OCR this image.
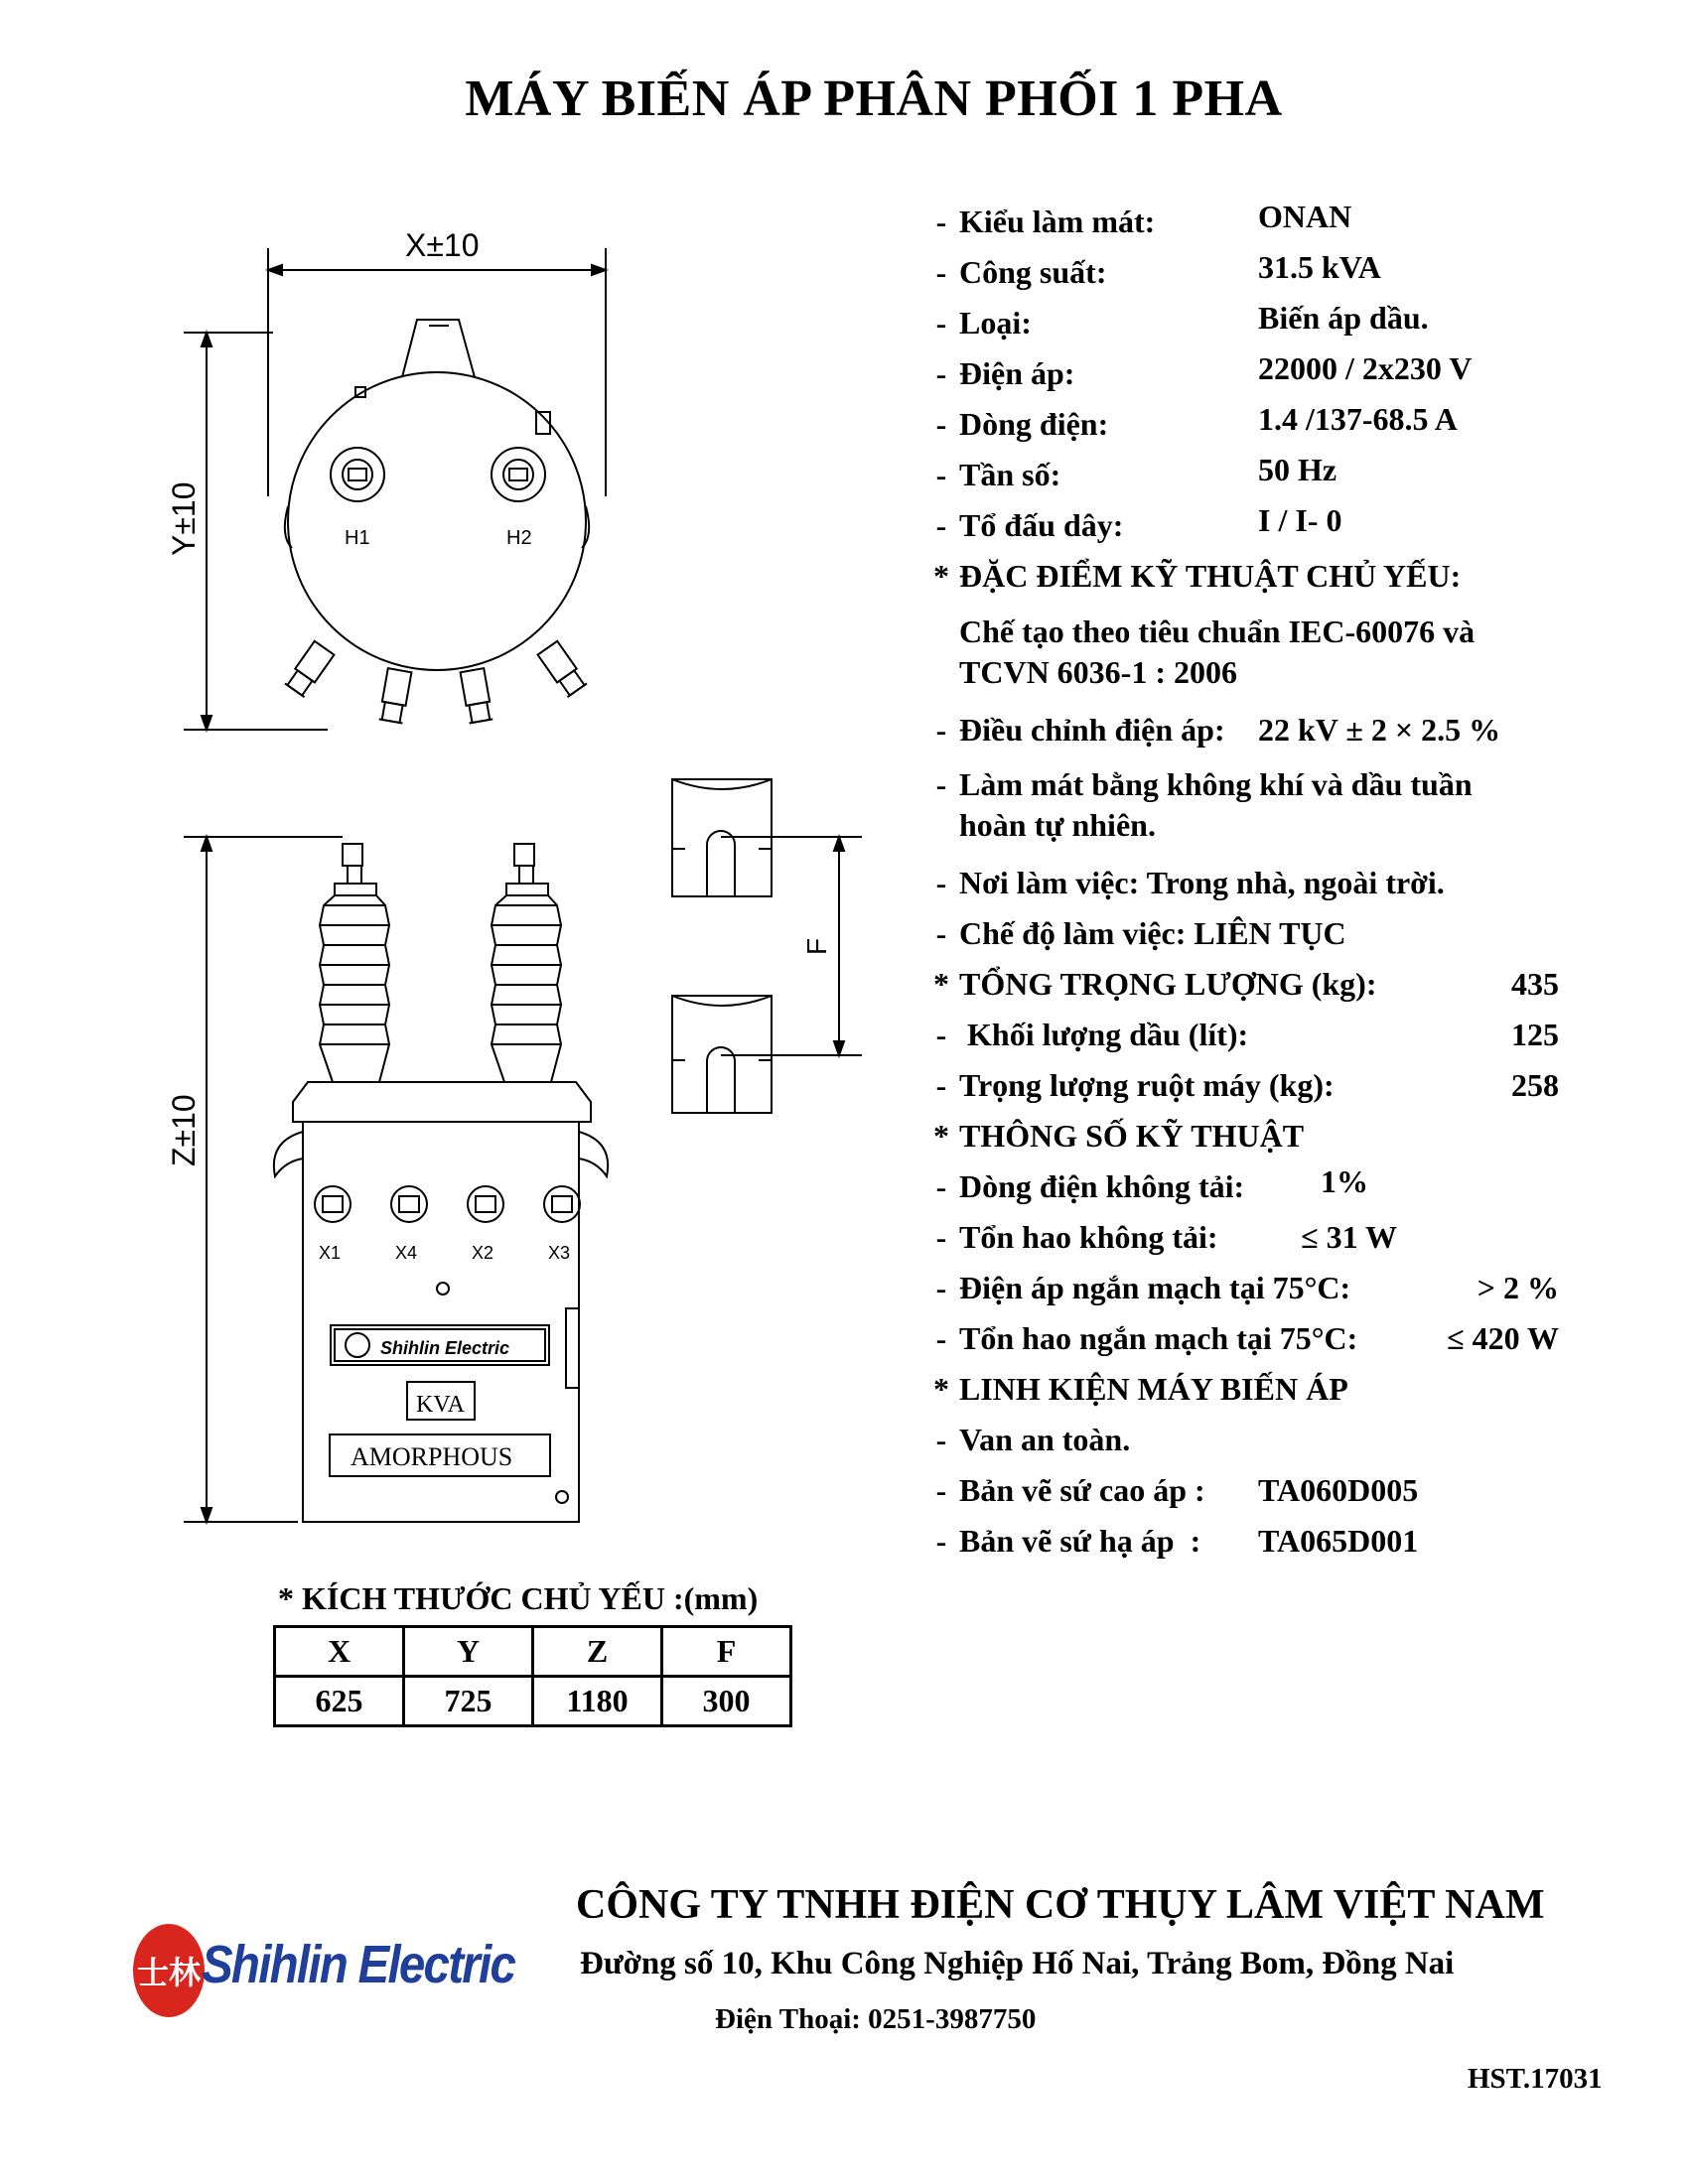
MÁY BIẾN ÁP PHÂN PHỐI 1 PHA
X±10
Y±10	H1	H2
Z±10
X1	X4	X2	X3
Shihlin Electric
KVA
AMORPHOUS
F
- Kiểu làm mát:	ONAN
- Công suất:	31.5 kVA
- Loại:	Biến áp dầu.
- Điện áp:	22000 / 2x230 V
- Dòng điện:	1.4 /137-68.5 A
- Tần số:	50 Hz
- Tổ đấu dây:	I / I- 0
* ĐẶC ĐIỂM KỸ THUẬT CHỦ YẾU:
Chế tạo theo tiêu chuẩn IEC-60076 và
TCVN 6036-1 : 2006
- Điều chỉnh điện áp: 22 kV ± 2 × 2.5 %
- Làm mát bằng không khí và dầu tuần
hoàn tự nhiên.
- Nơi làm việc: Trong nhà, ngoài trời.
- Chế độ làm việc: LIÊN TỤC
* TỔNG TRỌNG LƯỢNG (kg):	435
- Khối lượng dầu (lít):	125
- Trọng lượng ruột máy (kg):	258
* THÔNG SỐ KỸ THUẬT
- Dòng điện không tải: 1%
- Tổn hao không tải:	≤ 31 W
- Điện áp ngắn mạch tại 75°C:	> 2 %
- Tổn hao ngắn mạch tại 75°C:	≤ 420 W
* LINH KIỆN MÁY BIẾN ÁP
- Van an toàn.
- Bản vẽ sứ cao áp : TA060D005
- Bản vẽ sứ hạ áp  : TA065D001
* KÍCH THƯỚC CHỦ YẾU :(mm)
X	Y	Z	F
625	725	1180	300
士林 Shihlin Electric
CÔNG TY TNHH ĐIỆN CƠ THỤY LÂM VIỆT NAM
Đường số 10, Khu Công Nghiệp Hố Nai, Trảng Bom, Đồng Nai
Điện Thoại: 0251-3987750
HST.17031
